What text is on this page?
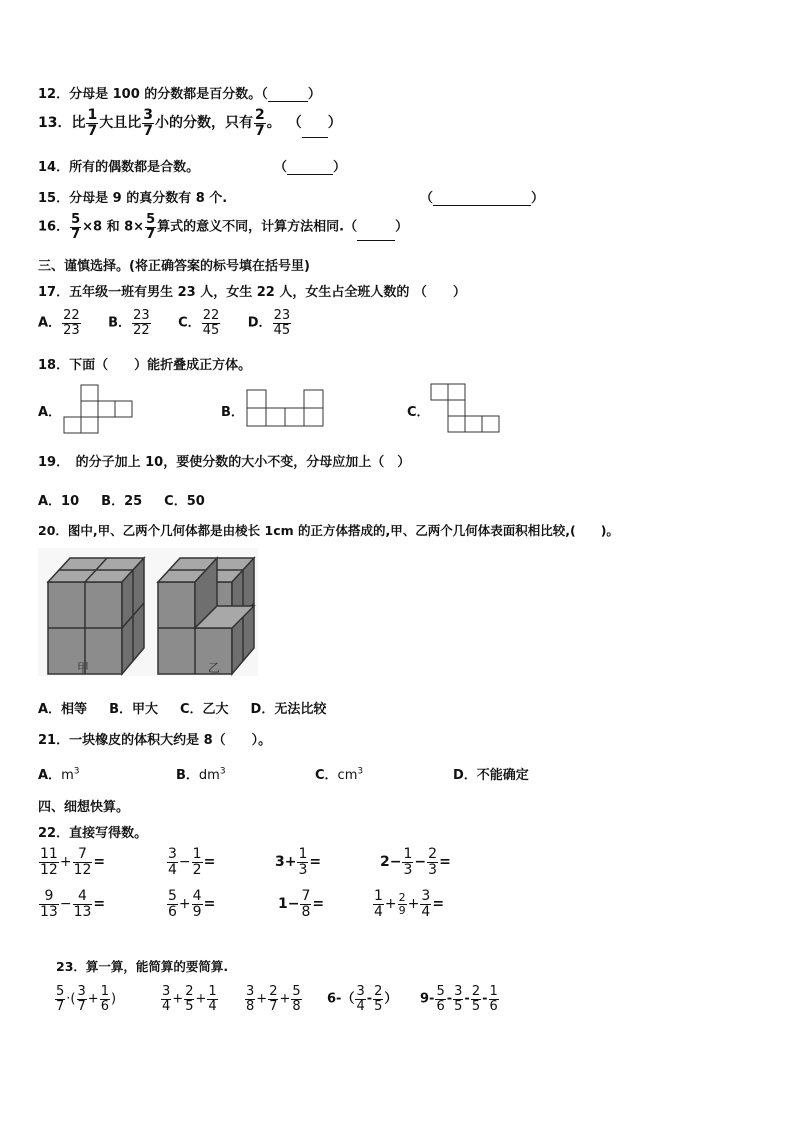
12．分母是 100 的分数都是百分数。（	）
13．比 $\frac{1}{7}$ 大且比 $\frac{3}{7}$ 小的分数，只有 $\frac{2}{7}$ 。 （ ）
14．所有的偶数都是合数。	（	）
15．分母是 9 的真分数有 8 个.	（	）
16． $\frac{5}{7} \times 8$ 和 $8\times \frac{5}{7}$ 算式的意义不同，计算方法相同.（	）
三、谨慎选择。(将正确答案的标号填在括号里)
17．五年级一班有男生 23 人，女生 22 人，女生占全班人数的 （　　）
A． $\frac{22}{23}$ B． $\frac{23}{22}$ C． $\frac{22}{45}$ D． $\frac{23}{45}$
18．下面（　　）能折叠成正方体。
A．	B．	C．
19．　的分子加上 10，要使分数的大小不变，分母应加上（　）
A．10 B．25 C．50
20．图中,甲、乙两个几何体都是由棱长 1cm 的正方体搭成的,甲、乙两个几何体表面积相比较,(　　)。
甲	乙
A．相等 B．甲大 C．乙大 D．无法比较
21．一块橡皮的体积大约是 8（　　）。
A．$m^3$	B．$dm^3$	C．$cm^3$	D．不能确定
四、细想快算。
22．直接写得数。
$\frac{11}{12} + \frac{7}{12}$ =	$\frac{3}{4} - \frac{1}{2}$ =	$3+ \frac{1}{3}$ =	$2- \frac{1}{3} - \frac{2}{3}$ =
$\frac{9}{13} - \frac{4}{13}$ =	$\frac{5}{6} + \frac{4}{9}$ =	$1- \frac{7}{8}$ =	$\frac{1}{4} + \frac{2}{9} + \frac{3}{4}$ =
23．算一算，能简算的要简算.
$\frac{5}{7}$ ·( $\frac{3}{7} + \frac{1}{6}$ )	$\frac{3}{4} + \frac{2}{5} + \frac{1}{4} \frac{3}{8} + \frac{2}{7} + \frac{5}{8} 6-( \frac{3}{4} - \frac{2}{5}$ ） $9- \frac{5}{6} - \frac{3}{5} - \frac{2}{5} - \frac{1}{6}$
